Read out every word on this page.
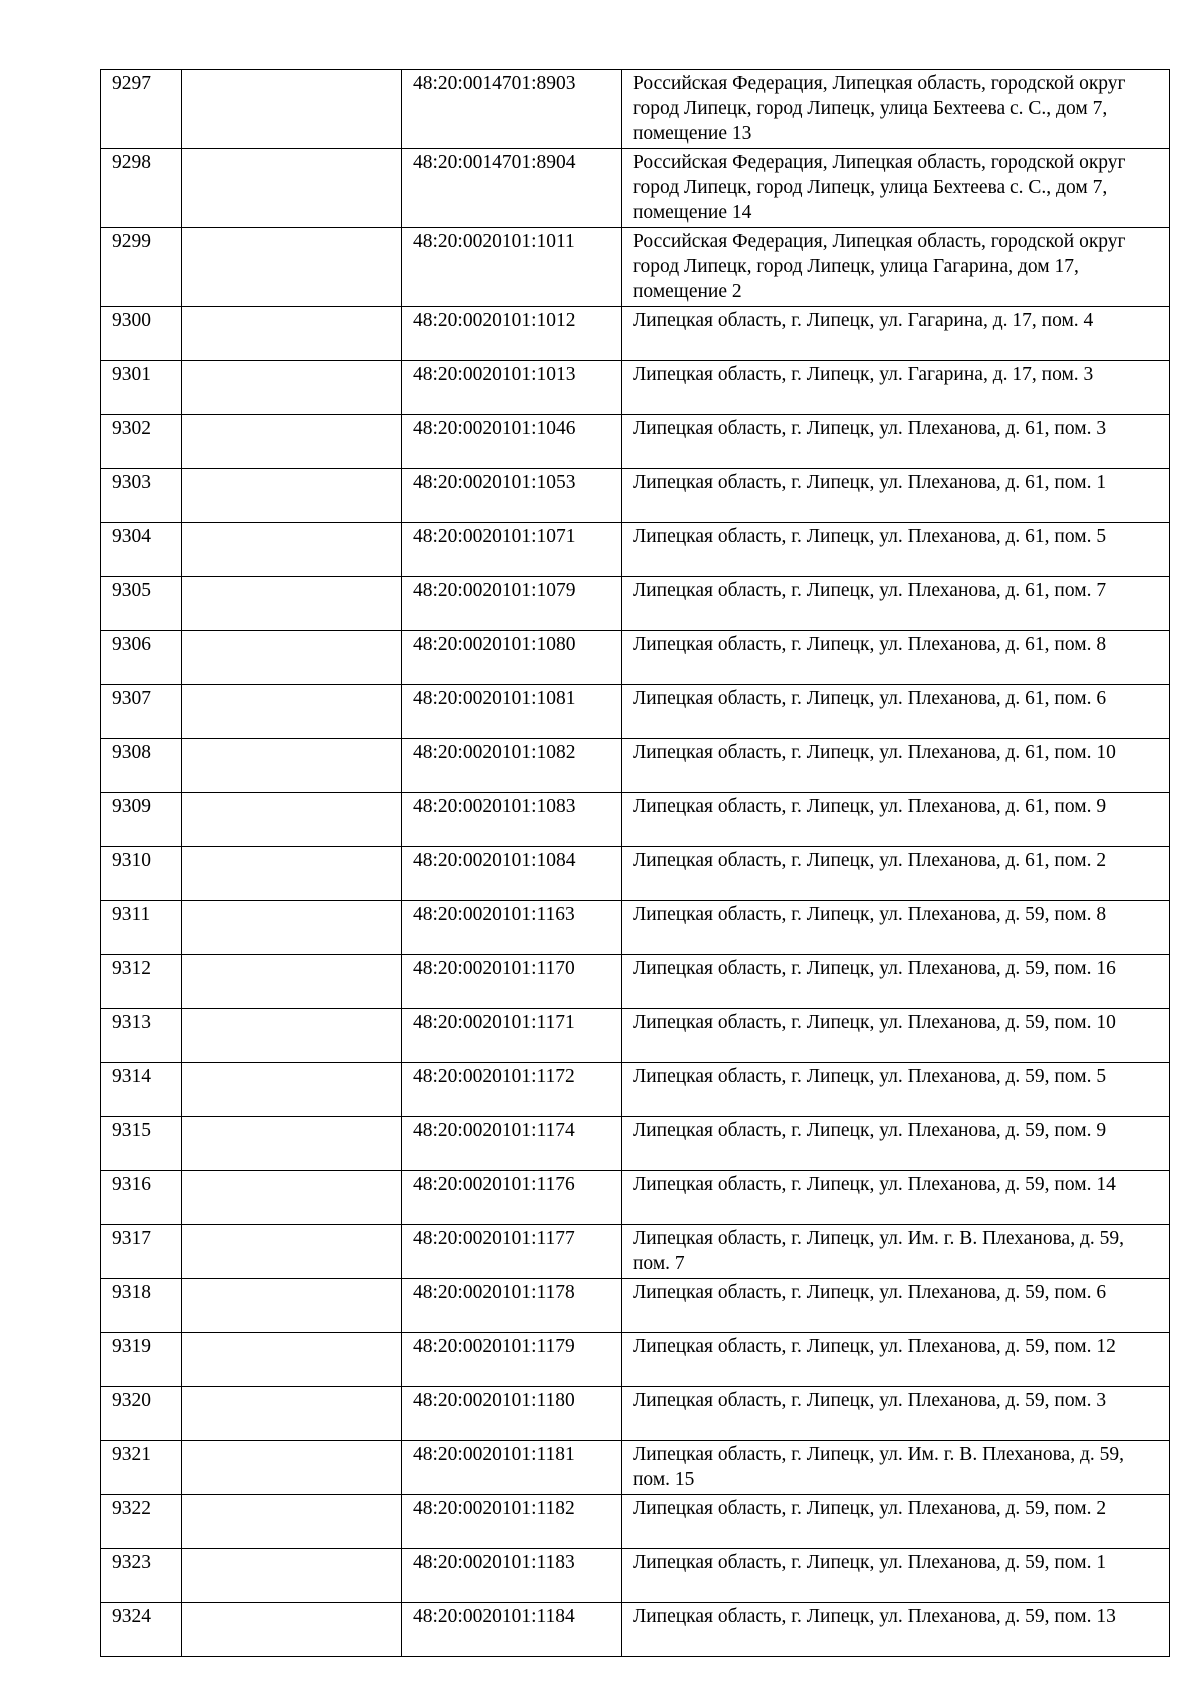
9297		48:20:0014701:8903	Российская Федерация, Липецкая область, городской округ город Липецк, город Липецк, улица Бехтеева с. С., дом 7, помещение 13
9298		48:20:0014701:8904	Российская Федерация, Липецкая область, городской округ город Липецк, город Липецк, улица Бехтеева с. С., дом 7, помещение 14
9299		48:20:0020101:1011	Российская Федерация, Липецкая область, городской округ город Липецк, город Липецк, улица Гагарина, дом 17, помещение 2
9300		48:20:0020101:1012	Липецкая область, г. Липецк, ул. Гагарина, д. 17, пом. 4
9301		48:20:0020101:1013	Липецкая область, г. Липецк, ул. Гагарина, д. 17, пом. 3
9302		48:20:0020101:1046	Липецкая область, г. Липецк, ул. Плеханова, д. 61, пом. 3
9303		48:20:0020101:1053	Липецкая область, г. Липецк, ул. Плеханова, д. 61, пом. 1
9304		48:20:0020101:1071	Липецкая область, г. Липецк, ул. Плеханова, д. 61, пом. 5
9305		48:20:0020101:1079	Липецкая область, г. Липецк, ул. Плеханова, д. 61, пом. 7
9306		48:20:0020101:1080	Липецкая область, г. Липецк, ул. Плеханова, д. 61, пом. 8
9307		48:20:0020101:1081	Липецкая область, г. Липецк, ул. Плеханова, д. 61, пом. 6
9308		48:20:0020101:1082	Липецкая область, г. Липецк, ул. Плеханова, д. 61, пом. 10
9309		48:20:0020101:1083	Липецкая область, г. Липецк, ул. Плеханова, д. 61, пом. 9
9310		48:20:0020101:1084	Липецкая область, г. Липецк, ул. Плеханова, д. 61, пом. 2
9311		48:20:0020101:1163	Липецкая область, г. Липецк, ул. Плеханова, д. 59, пом. 8
9312		48:20:0020101:1170	Липецкая область, г. Липецк, ул. Плеханова, д. 59, пом. 16
9313		48:20:0020101:1171	Липецкая область, г. Липецк, ул. Плеханова, д. 59, пом. 10
9314		48:20:0020101:1172	Липецкая область, г. Липецк, ул. Плеханова, д. 59, пом. 5
9315		48:20:0020101:1174	Липецкая область, г. Липецк, ул. Плеханова, д. 59, пом. 9
9316		48:20:0020101:1176	Липецкая область, г. Липецк, ул. Плеханова, д. 59, пом. 14
9317		48:20:0020101:1177	Липецкая область, г. Липецк, ул. Им. г. В. Плеханова, д. 59, пом. 7
9318		48:20:0020101:1178	Липецкая область, г. Липецк, ул. Плеханова, д. 59, пом. 6
9319		48:20:0020101:1179	Липецкая область, г. Липецк, ул. Плеханова, д. 59, пом. 12
9320		48:20:0020101:1180	Липецкая область, г. Липецк, ул. Плеханова, д. 59, пом. 3
9321		48:20:0020101:1181	Липецкая область, г. Липецк, ул. Им. г. В. Плеханова, д. 59, пом. 15
9322		48:20:0020101:1182	Липецкая область, г. Липецк, ул. Плеханова, д. 59, пом. 2
9323		48:20:0020101:1183	Липецкая область, г. Липецк, ул. Плеханова, д. 59, пом. 1
9324		48:20:0020101:1184	Липецкая область, г. Липецк, ул. Плеханова, д. 59, пом. 13
